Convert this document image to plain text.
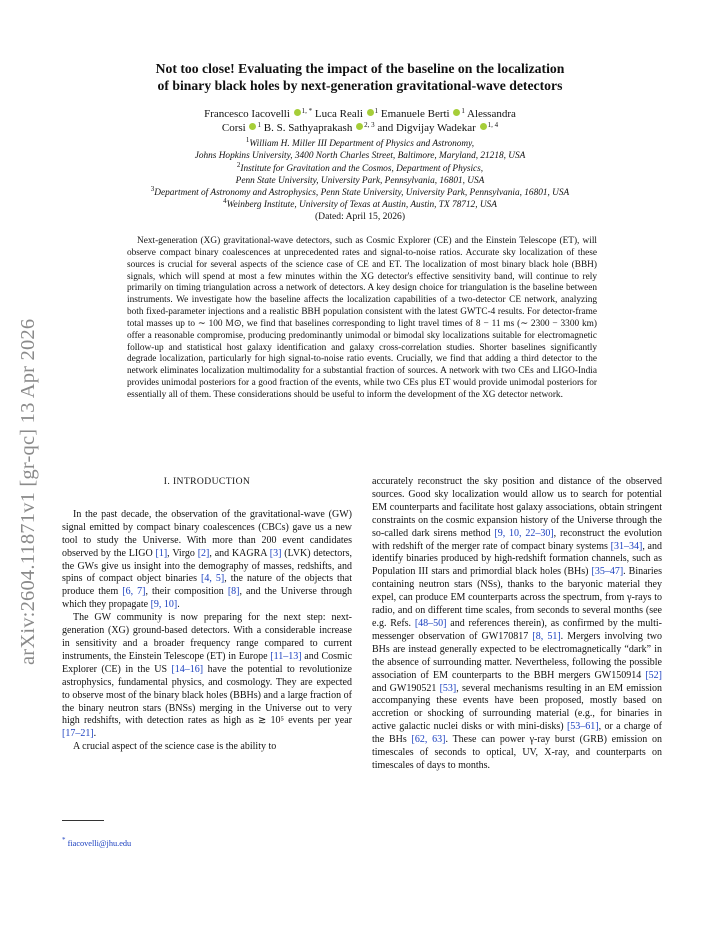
arXiv:2604.11871v1 [gr-qc] 13 Apr 2026
Not too close! Evaluating the impact of the baseline on the localization
of binary black holes by next-generation gravitational-wave detectors
Francesco Iacovelli $^{1, *}$ Luca Reali $^1$ Emanuele Berti $^1$ Alessandra
Corsi $^1$ B. S. Sathyaprakash $^{2, 3}$ and Digvijay Wadekar $^{1, 4}$
$^1$William H. Miller III Department of Physics and Astronomy,
Johns Hopkins University, 3400 North Charles Street, Baltimore, Maryland, 21218, USA
$^2$Institute for Gravitation and the Cosmos, Department of Physics,
Penn State University, University Park, Pennsylvania, 16801, USA
$^3$Department of Astronomy and Astrophysics, Penn State University, University Park, Pennsylvania, 16801, USA
$^4$Weinberg Institute, University of Texas at Austin, Austin, TX 78712, USA
(Dated: April 15, 2026)
Next-generation (XG) gravitational-wave detectors, such as Cosmic Explorer (CE) and the Einstein Telescope (ET), will observe compact binary coalescences at unprecedented rates and signal-to-noise ratios. Accurate sky localization of these sources is crucial for several aspects of the science case of CE and ET. The localization of most binary black hole (BBH) signals, which will spend at most a few minutes within the XG detector's effective sensitivity band, will continue to rely primarily on timing triangulation across a network of detectors. A key design choice for triangulation is the baseline between instruments. We investigate how the baseline affects the localization capabilities of a two-detector CE network, analyzing both fixed-parameter injections and a realistic BBH population consistent with the latest GWTC-4 results. For detector-frame total masses up to ∼ 100 M⊙, we find that baselines corresponding to light travel times of 8 − 11 ms (∼ 2300 − 3300 km) offer a reasonable compromise, producing predominantly unimodal or bimodal sky localizations suitable for electromagnetic follow-up and statistical host galaxy identification and galaxy cross-correlation studies. Shorter baselines significantly degrade localization, particularly for high signal-to-noise ratio events. Crucially, we find that adding a third detector to the network eliminates localization multimodality for a substantial fraction of sources. A network with two CEs and LIGO-India provides unimodal posteriors for a good fraction of the events, while two CEs plus ET would provide unimodal posteriors for essentially all of them. These considerations should be useful to inform the development of the XG detector network.
I. INTRODUCTION

In the past decade, the observation of the gravitational-wave (GW) signal emitted by compact binary coalescences (CBCs) gave us a new tool to study the Universe. With more than 200 event candidates observed by the LIGO [1], Virgo [2], and KAGRA [3] (LVK) detectors, the GWs give us insight into the demography of masses, redshifts, and spins of compact object binaries [4, 5], the nature of the objects that produce them [6, 7], their composition [8], and the Universe through which they propagate [9, 10].

The GW community is now preparing for the next step: next-generation (XG) ground-based detectors. With a considerable increase in sensitivity and a broader frequency range compared to current instruments, the Einstein Telescope (ET) in Europe [11–13] and Cosmic Explorer (CE) in the US [14–16] have the potential to revolutionize astrophysics, fundamental physics, and cosmology. They are expected to observe most of the binary black holes (BBHs) and a large fraction of the binary neutron stars (BNSs) merging in the Universe out to very high redshifts, with detection rates as high as ≳ 10⁵ events per year [17–21].

A crucial aspect of the science case is the ability to

accurately reconstruct the sky position and distance of the observed sources. Good sky localization would allow us to search for potential EM counterparts and facilitate host galaxy associations, obtain stringent constraints on the cosmic expansion history of the Universe through the so-called dark sirens method [9, 10, 22–30], reconstruct the evolution with redshift of the merger rate of compact binary systems [31–34], and identify binaries produced by high-redshift formation channels, such as Population III stars and primordial black holes (BHs) [35–47]. Binaries containing neutron stars (NSs), thanks to the baryonic material they expel, can produce EM counterparts across the spectrum, from γ-rays to radio, and on different time scales, from seconds to several months (see e.g. Refs. [48–50] and references therein), as confirmed by the multi-messenger observation of GW170817 [8, 51]. Mergers involving two BHs are instead generally expected to be electromagnetically “dark” in the absence of surrounding matter. Nevertheless, following the possible association of EM counterparts to the BBH mergers GW150914 [52] and GW190521 [53], several mechanisms resulting in an EM emission accompanying these events have been proposed, mostly based on accretion or shocking of surrounding material (e.g., for binaries in active galactic nuclei disks or with mini-disks) [53–61], or a charge of the BHs [62, 63]. These can power γ-ray burst (GRB) emission on timescales of seconds to optical, UV, X-ray, and counterparts on timescales of days to months.

* fiacovelli@jhu.edu
